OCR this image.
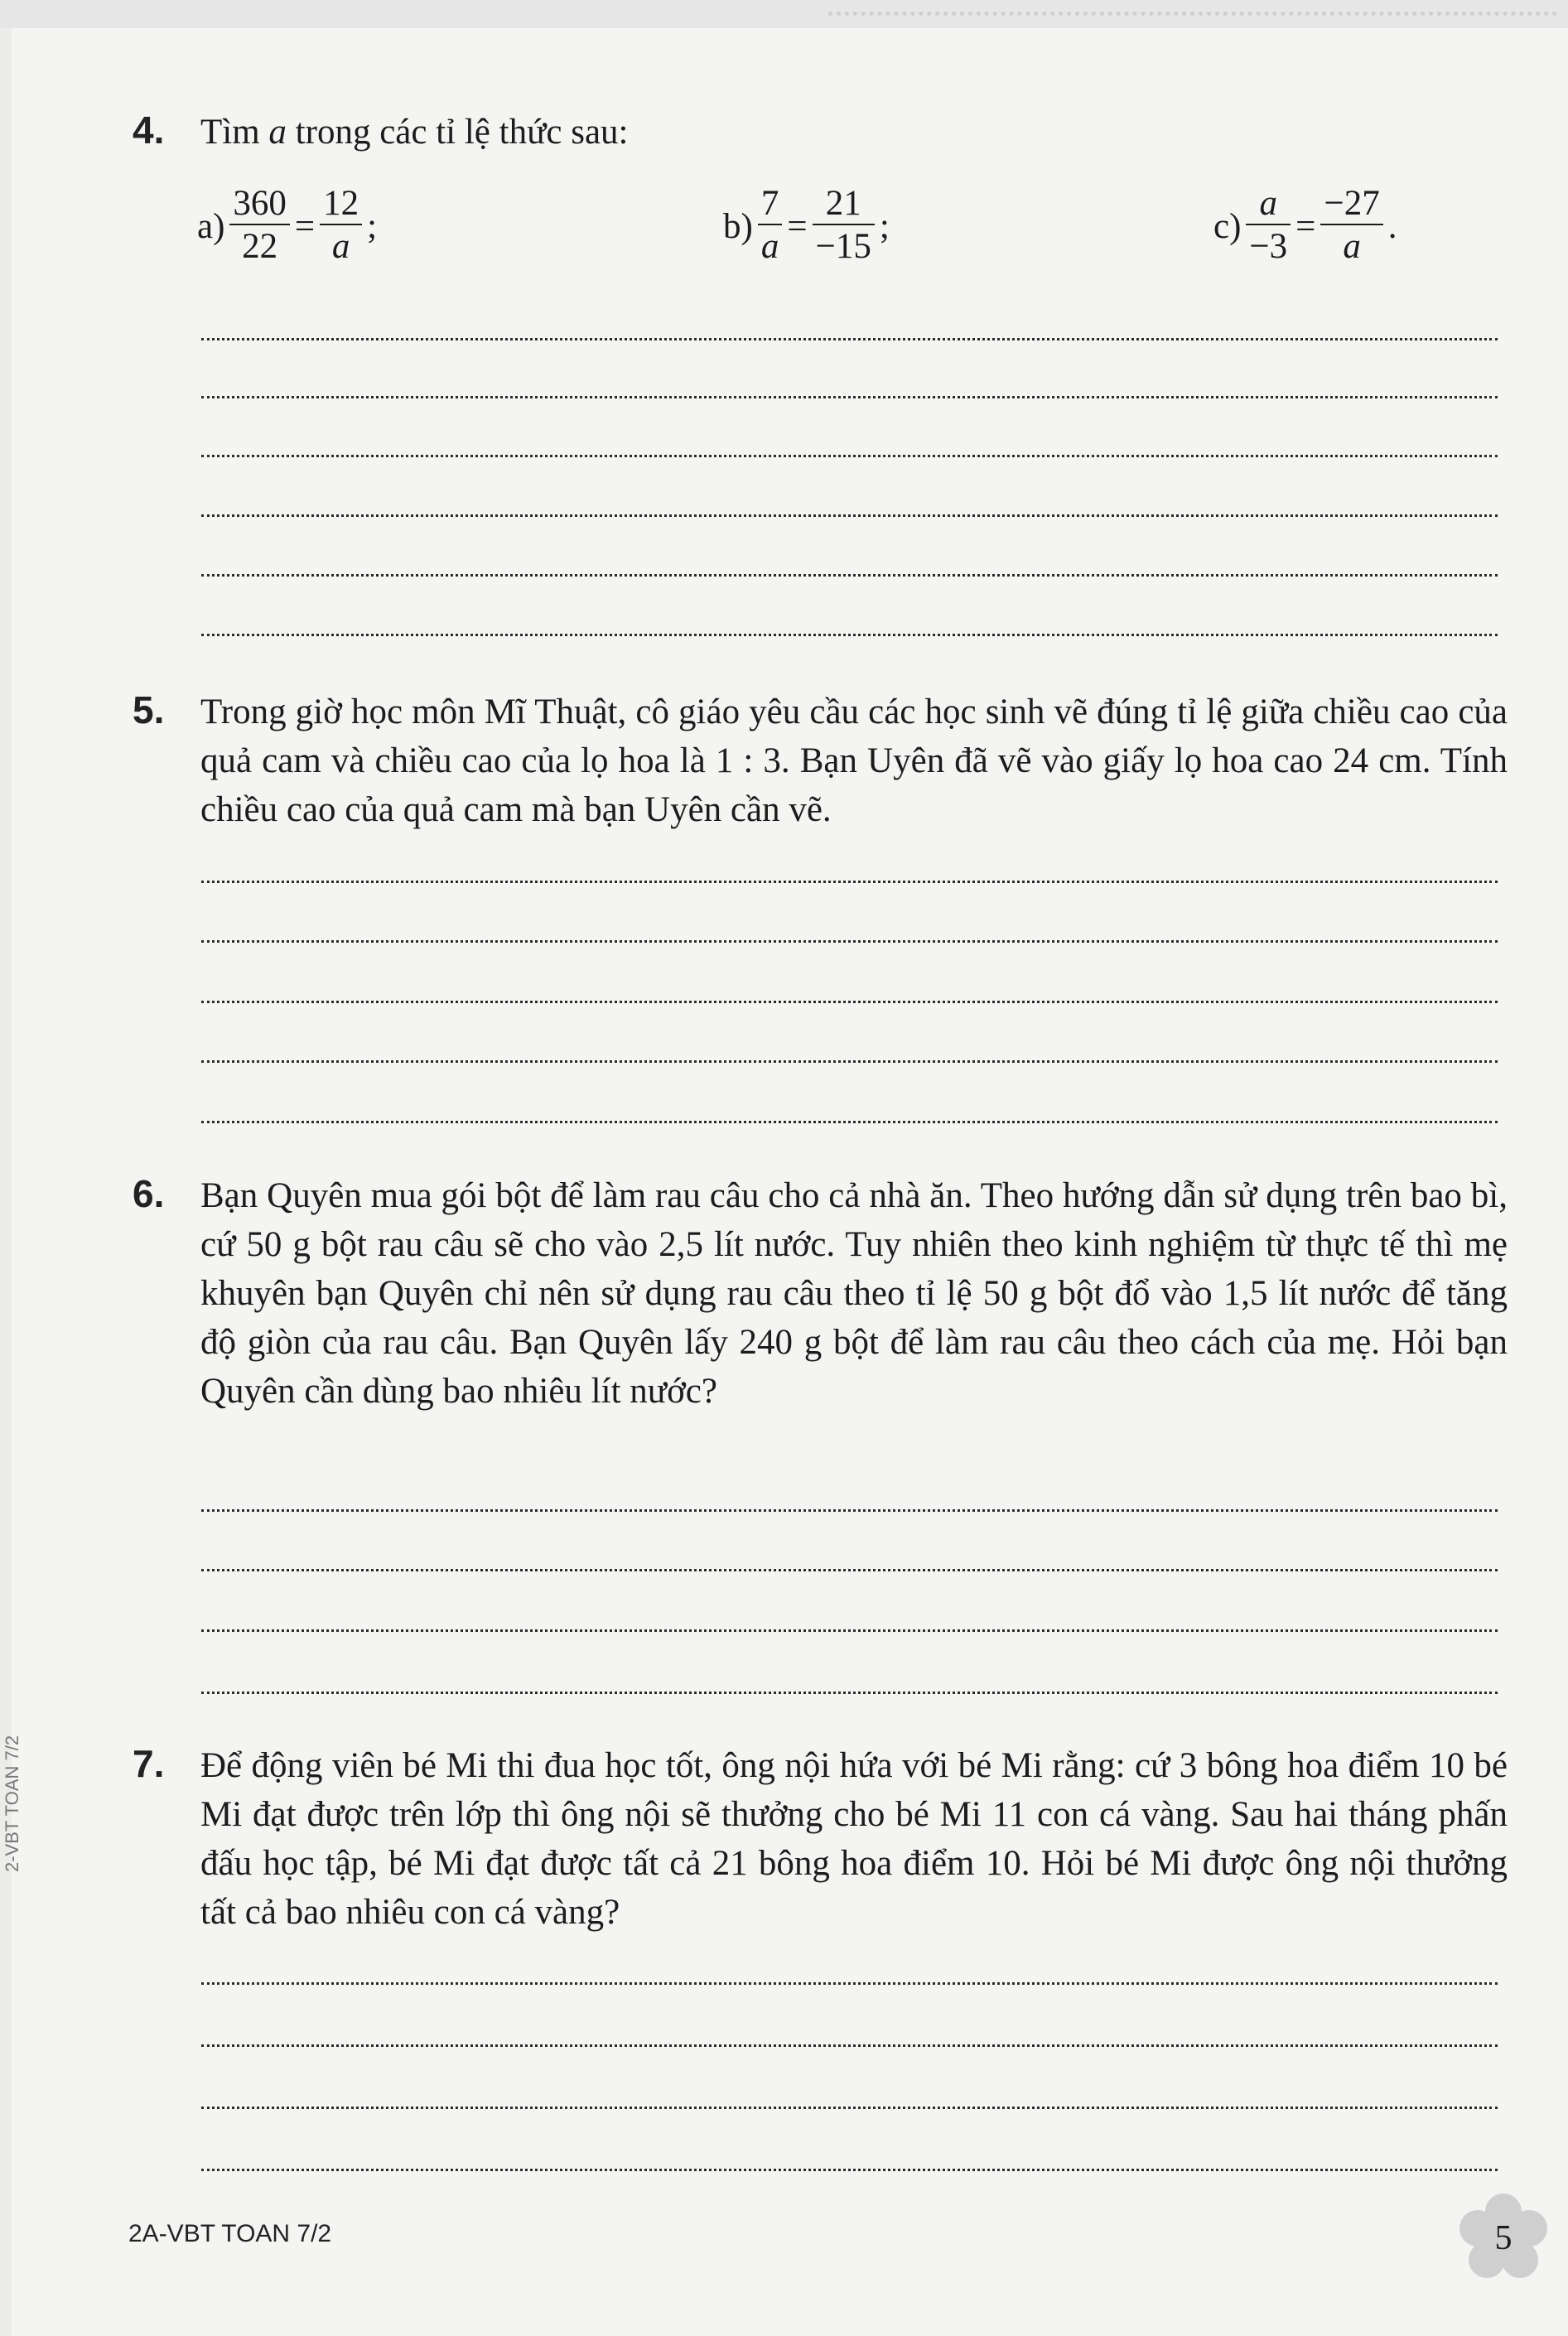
2-VBT TOAN 7/2
4. Tìm a trong các tỉ lệ thức sau:
$a) \frac{360}{22} = \frac{12}{a}$ ;	$b) \frac{7}{a} = \frac{21}{-15}$ ;	$c) \frac{a}{-3} = \frac{-27}{a}$ .
5. Trong giờ học môn Mĩ Thuật, cô giáo yêu cầu các học sinh vẽ đúng tỉ lệ giữa chiều cao của quả cam và chiều cao của lọ hoa là 1 : 3. Bạn Uyên đã vẽ vào giấy lọ hoa cao 24 cm. Tính chiều cao của quả cam mà bạn Uyên cần vẽ.
6. Bạn Quyên mua gói bột để làm rau câu cho cả nhà ăn. Theo hướng dẫn sử dụng trên bao bì, cứ 50 g bột rau câu sẽ cho vào 2,5 lít nước. Tuy nhiên theo kinh nghiệm từ thực tế thì mẹ khuyên bạn Quyên chỉ nên sử dụng rau câu theo tỉ lệ 50 g bột đổ vào 1,5 lít nước để tăng độ giòn của rau câu. Bạn Quyên lấy 240 g bột để làm rau câu theo cách của mẹ. Hỏi bạn Quyên cần dùng bao nhiêu lít nước?
7. Để động viên bé Mi thi đua học tốt, ông nội hứa với bé Mi rằng: cứ 3 bông hoa điểm 10 bé Mi đạt được trên lớp thì ông nội sẽ thưởng cho bé Mi 11 con cá vàng. Sau hai tháng phấn đấu học tập, bé Mi đạt được tất cả 21 bông hoa điểm 10. Hỏi bé Mi được ông nội thưởng tất cả bao nhiêu con cá vàng?
2A-VBT TOAN 7/2	5
